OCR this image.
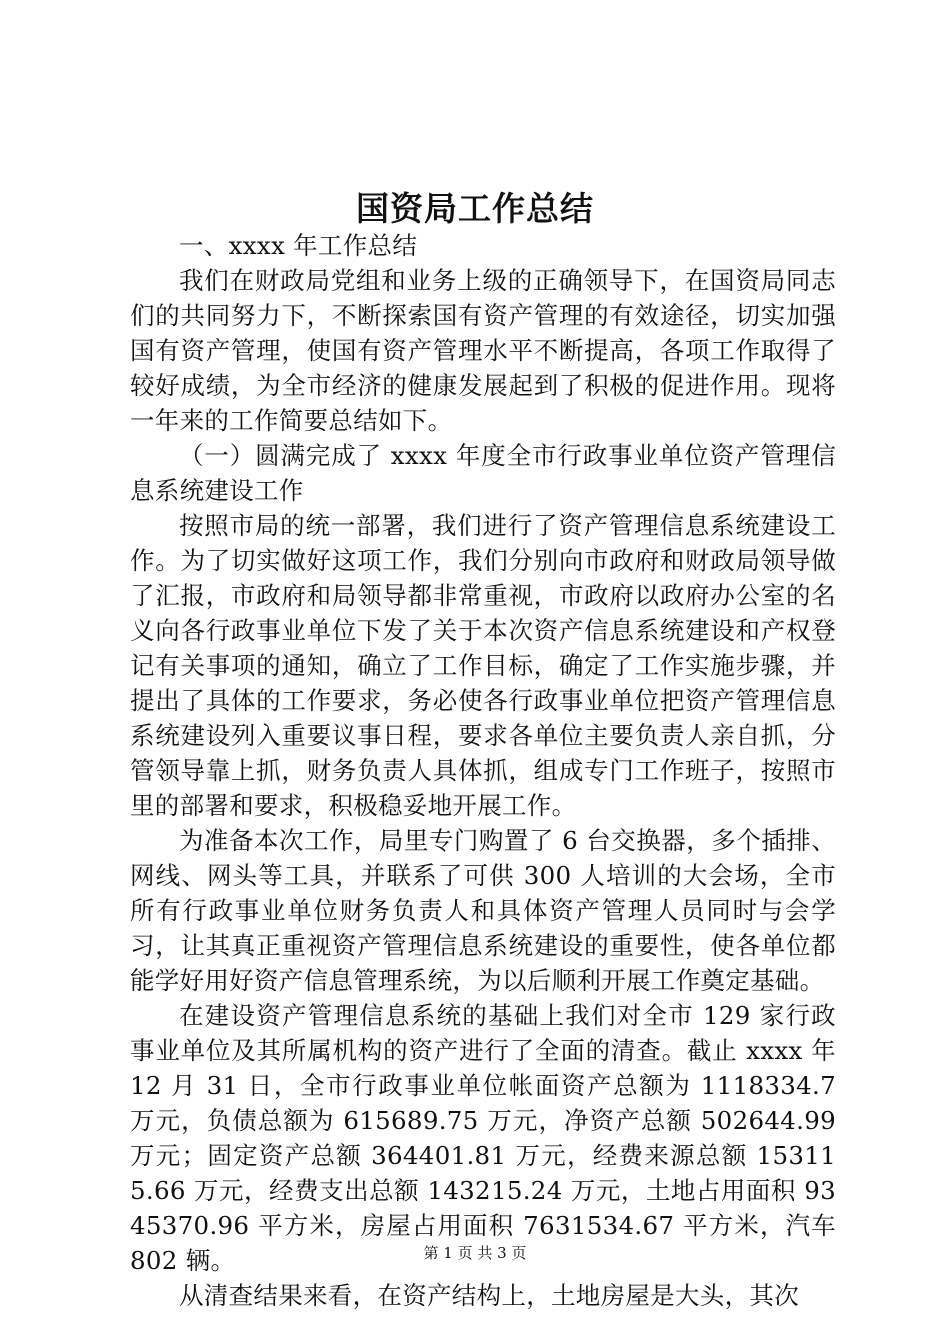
国资局工作总结

一、xxxx 年工作总结

我们在财政局党组和业务上级的正确领导下，在国资局同志们的共同努力下，不断探索国有资产管理的有效途径，切实加强国有资产管理，使国有资产管理水平不断提高，各项工作取得了较好成绩，为全市经济的健康发展起到了积极的促进作用。现将一年来的工作简要总结如下。

（一）圆满完成了 xxxx 年度全市行政事业单位资产管理信息系统建设工作

按照市局的统一部署，我们进行了资产管理信息系统建设工作。为了切实做好这项工作，我们分别向市政府和财政局领导做了汇报，市政府和局领导都非常重视，市政府以政府办公室的名义向各行政事业单位下发了关于本次资产信息系统建设和产权登记有关事项的通知，确立了工作目标，确定了工作实施步骤，并提出了具体的工作要求，务必使各行政事业单位把资产管理信息系统建设列入重要议事日程，要求各单位主要负责人亲自抓，分管领导靠上抓，财务负责人具体抓，组成专门工作班子，按照市里的部署和要求，积极稳妥地开展工作。

为准备本次工作，局里专门购置了 6 台交换器，多个插排、网线、网头等工具，并联系了可供 300 人培训的大会场，全市所有行政事业单位财务负责人和具体资产管理人员同时与会学习，让其真正重视资产管理信息系统建设的重要性，使各单位都能学好用好资产信息管理系统，为以后顺利开展工作奠定基础。

在建设资产管理信息系统的基础上我们对全市 129 家行政事业单位及其所属机构的资产进行了全面的清查。截止 xxxx 年 12 月 31 日，全市行政事业单位帐面资产总额为 1118334.7 万元，负债总额为 615689.75 万元，净资产总额 502644.99 万元；固定资产总额 364401.81 万元，经费来源总额 153115.66 万元，经费支出总额 143215.24 万元，土地占用面积 9345370.96 平方米，房屋占用面积 7631534.67 平方米，汽车 802 辆。

从清查结果来看，在资产结构上，土地房屋是大头，其次

第 1 页 共 3 页
